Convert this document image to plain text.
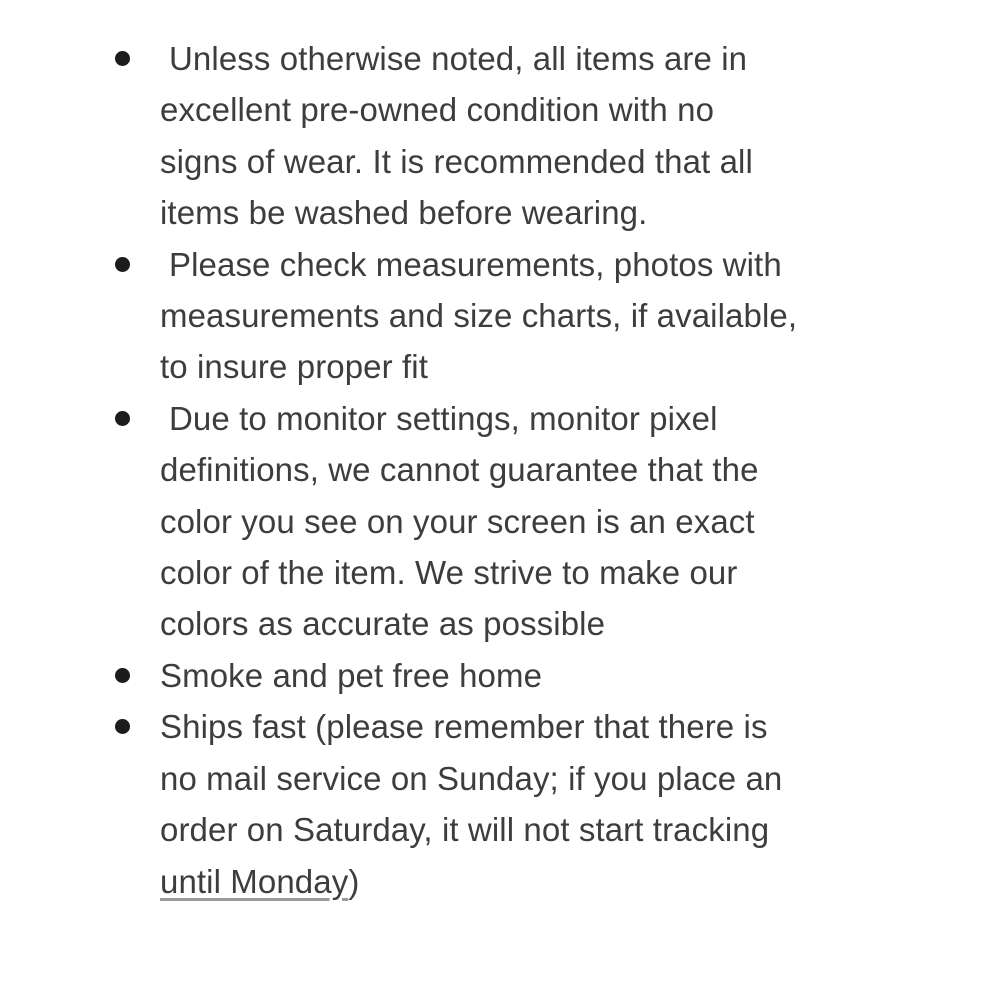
Unless otherwise noted, all items are in excellent pre-owned condition with no signs of wear. It is recommended that all items be washed before wearing.
Please check measurements, photos with measurements and size charts, if available, to insure proper fit
Due to monitor settings, monitor pixel definitions, we cannot guarantee that the color you see on your screen is an exact color of the item. We strive to make our colors as accurate as possible
Smoke and pet free home
Ships fast (please remember that there is no mail service on Sunday; if you place an order on Saturday, it will not start tracking until Monday)
